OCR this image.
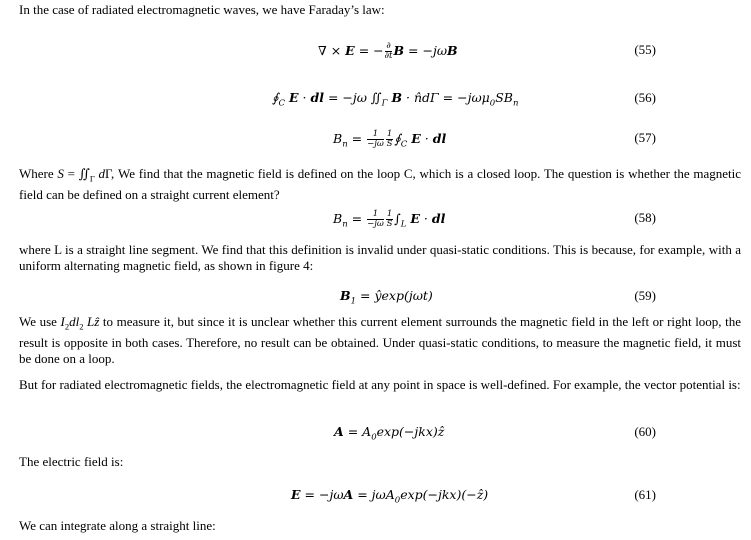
In the case of radiated electromagnetic waves, we have Faraday’s law:
∇ × E = − $\frac{\partial}{\partial t}$ B = −jωB	(55)
$∮_C$ E · dl = −jω $∬_\Gamma$ B · n̂dΓ = $-j\omega\mu_0SB_n$	(56)
$B_n = \frac{1}{-j\omega} \frac{1}{S}$ $∮_C$ E · dl	(57)
Where $S = ∬_\Gamma$ dΓ, We find that the magnetic field is defined on the loop C, which is a closed loop. The question is whether the magnetic field can be defined on a straight current element?
$B_n = \frac{1}{-j\omega} \frac{1}{S} \int_L$ E · dl	(58)
where L is a straight line segment. We find that this definition is invalid under quasi-static conditions. This is because, for example, with a uniform alternating magnetic field, as shown in figure 4:
$B_1$ = ŷexp(jωt)	(59)
We use $I_2dl_2$ Lẑ to measure it, but since it is unclear whether this current element surrounds the magnetic field in the left or right loop, the result is opposite in both cases. Therefore, no result can be obtained. Under quasi-static conditions, to measure the magnetic field, it must be done on a loop.
But for radiated electromagnetic fields, the electromagnetic field at any point in space is well-defined. For example, the vector potential is:
$A = A_0\exp(-jkx)ẑ$	(60)
The electric field is:
E = −jωA = jωA$_0$exp(−jkx)(−ẑ)	(61)
We can integrate along a straight line:
